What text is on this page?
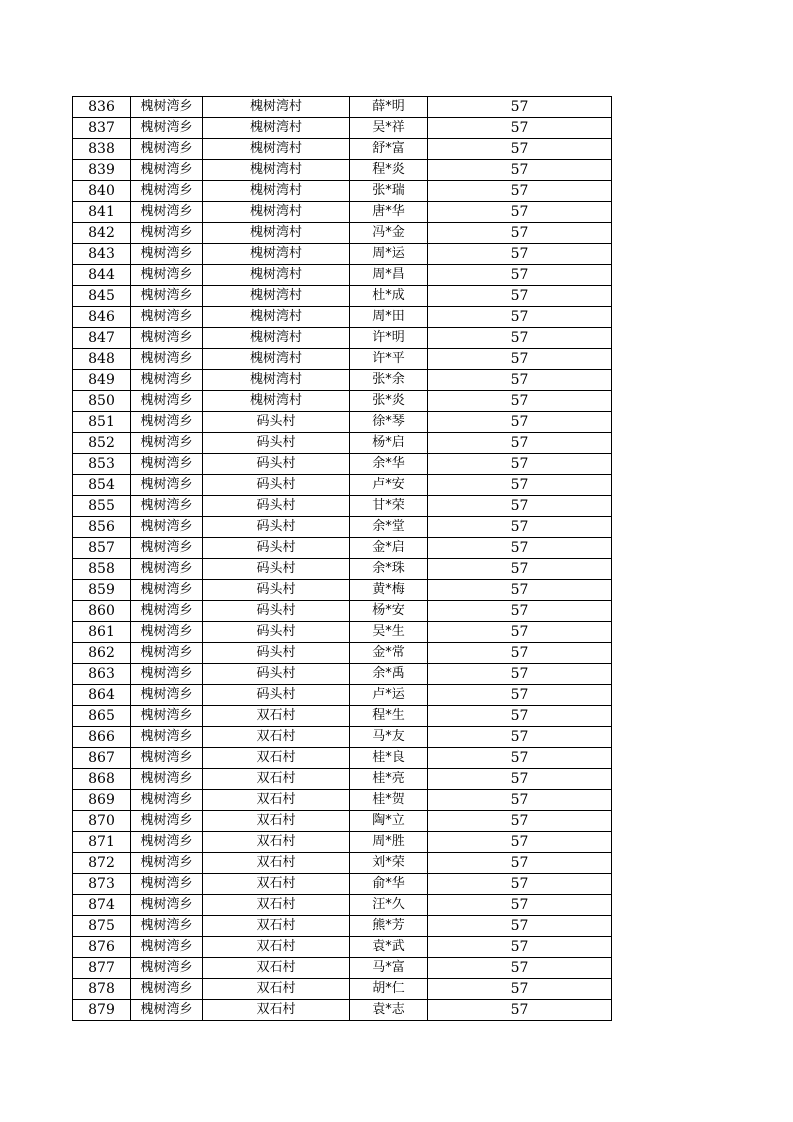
836	槐树湾乡	槐树湾村	薛*明	57
837	槐树湾乡	槐树湾村	吴*祥	57
838	槐树湾乡	槐树湾村	舒*富	57
839	槐树湾乡	槐树湾村	程*炎	57
840	槐树湾乡	槐树湾村	张*瑞	57
841	槐树湾乡	槐树湾村	唐*华	57
842	槐树湾乡	槐树湾村	冯*金	57
843	槐树湾乡	槐树湾村	周*运	57
844	槐树湾乡	槐树湾村	周*昌	57
845	槐树湾乡	槐树湾村	杜*成	57
846	槐树湾乡	槐树湾村	周*田	57
847	槐树湾乡	槐树湾村	许*明	57
848	槐树湾乡	槐树湾村	许*平	57
849	槐树湾乡	槐树湾村	张*余	57
850	槐树湾乡	槐树湾村	张*炎	57
851	槐树湾乡	码头村	徐*琴	57
852	槐树湾乡	码头村	杨*启	57
853	槐树湾乡	码头村	余*华	57
854	槐树湾乡	码头村	卢*安	57
855	槐树湾乡	码头村	甘*荣	57
856	槐树湾乡	码头村	余*堂	57
857	槐树湾乡	码头村	金*启	57
858	槐树湾乡	码头村	余*珠	57
859	槐树湾乡	码头村	黄*梅	57
860	槐树湾乡	码头村	杨*安	57
861	槐树湾乡	码头村	吴*生	57
862	槐树湾乡	码头村	金*常	57
863	槐树湾乡	码头村	余*禹	57
864	槐树湾乡	码头村	卢*运	57
865	槐树湾乡	双石村	程*生	57
866	槐树湾乡	双石村	马*友	57
867	槐树湾乡	双石村	桂*良	57
868	槐树湾乡	双石村	桂*亮	57
869	槐树湾乡	双石村	桂*贺	57
870	槐树湾乡	双石村	陶*立	57
871	槐树湾乡	双石村	周*胜	57
872	槐树湾乡	双石村	刘*荣	57
873	槐树湾乡	双石村	俞*华	57
874	槐树湾乡	双石村	汪*久	57
875	槐树湾乡	双石村	熊*芳	57
876	槐树湾乡	双石村	袁*武	57
877	槐树湾乡	双石村	马*富	57
878	槐树湾乡	双石村	胡*仁	57
879	槐树湾乡	双石村	袁*志	57
